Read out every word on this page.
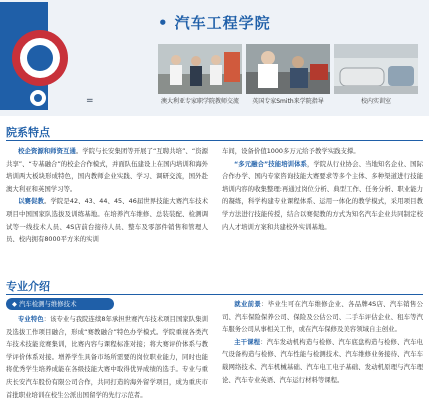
=
• 汽车工程学院
澳大利亚专家职学院教师交流	英国专家Smith来学院指导	校内实训室
院系特点

校企资源和师资互通。学院与长安集团等开展了“互聘共培”、“资源共享”、“专基融合”的校企合作模式，并面队伍建设上在国内培训和海外培训两大板块形成特色，国内教师企业实践、学习、调研交流，国外赴澳大利亚和英国学习等。

以赛促教。学院是42、43、44、45、46届世界技能大赛汽车技术项目中国国家队选拔及训练基地。在培养汽车维修、总装装配、检测调试等一线技术人员、4S店前台接待人员、整车及零部件销售和管理人员、校内拥有8000平方米的实训

车间，设备价值1000多万元给予教学实践支撑。

“多元融合”技能培训体系，学院从行业协会、当地知名企业、国际合作办学、国内专家咨询技能大赛要求等多个主体、多种渠道进行技能培训内容的收集整理:再通过岗位分析、典型工作、任务分析、职业能力的凝练，科学构建专业课程体系、运用一体化的教学模式，采用项目教学方法进行技能传授，结合以赛促教的方式为知名汽车企业共同制定校内人才培训方案和共建校外实训基地。

专业介绍
◆ 汽车检测与维修技术

专业特色：该专业与我院连续8年承担世赛汽车技术项目国家队集训及选拔工作项目融合，形成“赛教融合”特色办学模式。学院重视各类汽车技术技能竞赛集训，比赛内容与课程标准对接；将大赛评价体系与教学评价体系对接。增养学生具备市场所需要的岗位职业能力，同时也能将优秀学生培养成能在各级技能大赛中取得优异成绩的选手。专业与重庆长安汽车股份有限公司合作，共同打造的海外留学项目，成为重庆市首批职业培训在校生公派出国留学的先行示范者。

就业前景：毕业生可在汽车维修企业、各品牌4S店、汽车销售公司、汽车保险保养公司、保险及公估公司、二手车评估企业、租车等汽车服务公司从事相关工作，或在汽车保修及美容领域自主创业。

主干课程：汽车发动机构造与检修、汽车底盘构造与检修、汽车电气设备构造与检修、汽车性能与检测技术、汽车维修业务接待、汽车车载网络技术、汽车机械基础、汽车电工电子基础、发动机原理与汽车理论、汽车专业英语、汽车运行材料等课程。
